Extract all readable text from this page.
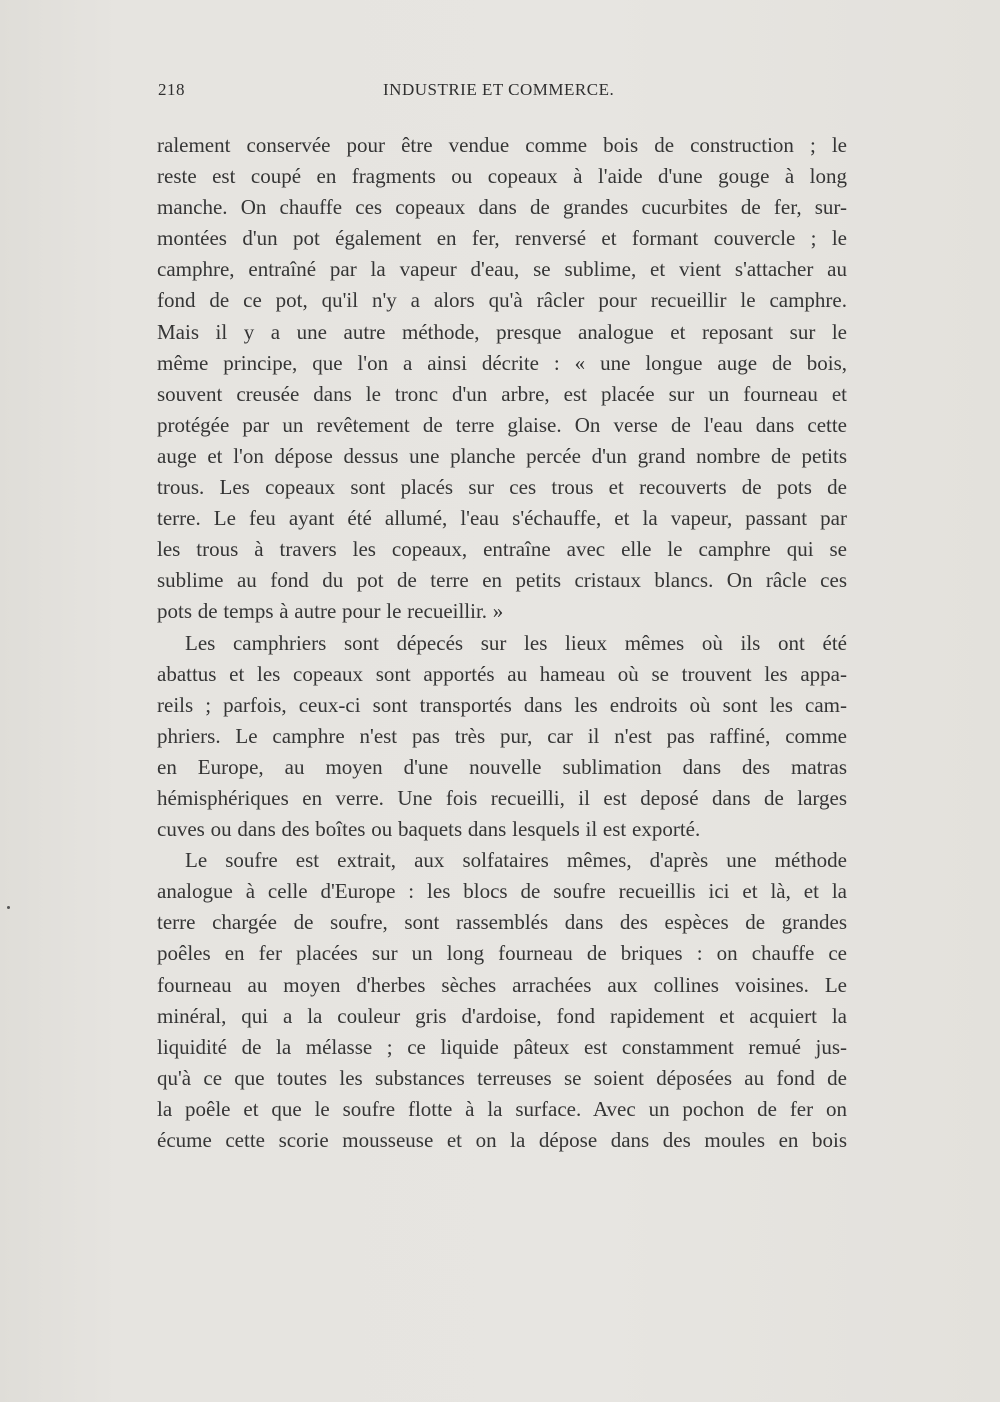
218	INDUSTRIE ET COMMERCE.
ralement conservée pour être vendue comme bois de construction ; le
reste est coupé en fragments ou copeaux à l'aide d'une gouge à long
manche. On chauffe ces copeaux dans de grandes cucurbites de fer, sur-
montées d'un pot également en fer, renversé et formant couvercle ; le
camphre, entraîné par la vapeur d'eau, se sublime, et vient s'attacher au
fond de ce pot, qu'il n'y a alors qu'à râcler pour recueillir le camphre.
Mais il y a une autre méthode, presque analogue et reposant sur le
même principe, que l'on a ainsi décrite : « une longue auge de bois,
souvent creusée dans le tronc d'un arbre, est placée sur un fourneau et
protégée par un revêtement de terre glaise. On verse de l'eau dans cette
auge et l'on dépose dessus une planche percée d'un grand nombre de petits
trous. Les copeaux sont placés sur ces trous et recouverts de pots de
terre. Le feu ayant été allumé, l'eau s'échauffe, et la vapeur, passant par
les trous à travers les copeaux, entraîne avec elle le camphre qui se
sublime au fond du pot de terre en petits cristaux blancs. On râcle ces
pots de temps à autre pour le recueillir. »
Les camphriers sont dépecés sur les lieux mêmes où ils ont été
abattus et les copeaux sont apportés au hameau où se trouvent les appa-
reils ; parfois, ceux-ci sont transportés dans les endroits où sont les cam-
phriers. Le camphre n'est pas très pur, car il n'est pas raffiné, comme
en Europe, au moyen d'une nouvelle sublimation dans des matras
hémisphériques en verre. Une fois recueilli, il est deposé dans de larges
cuves ou dans des boîtes ou baquets dans lesquels il est exporté.
Le soufre est extrait, aux solfataires mêmes, d'après une méthode
analogue à celle d'Europe : les blocs de soufre recueillis ici et là, et la
terre chargée de soufre, sont rassemblés dans des espèces de grandes
poêles en fer placées sur un long fourneau de briques : on chauffe ce
fourneau au moyen d'herbes sèches arrachées aux collines voisines. Le
minéral, qui a la couleur gris d'ardoise, fond rapidement et acquiert la
liquidité de la mélasse ; ce liquide pâteux est constamment remué jus-
qu'à ce que toutes les substances terreuses se soient déposées au fond de
la poêle et que le soufre flotte à la surface. Avec un pochon de fer on
écume cette scorie mousseuse et on la dépose dans des moules en bois
